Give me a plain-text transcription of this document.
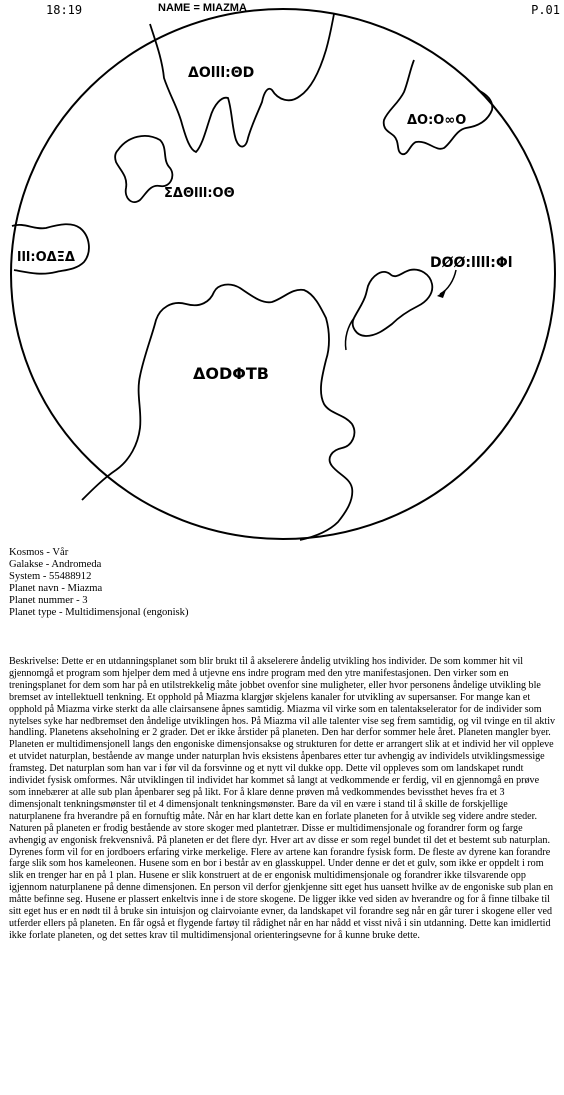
18:19	NAME = MIAZMA	P.01
ΔΟlll:ΘD
ΔΟ:Ο∞Ο
ΣΔΘlll:ΟΘ
lll:ΟΔΞΔ	DØØ:llll:Φl
ΔΟDΦΤB
Kosmos - Vår
Galakse - Andromeda
System - 55488912
Planet navn - Miazma
Planet nummer - 3
Planet type - Multidimensjonal (engonisk)
Beskrivelse: Dette er en utdanningsplanet som blir brukt til å akselerere åndelig utvikling hos individer. De som kommer hit vil gjennomgå et program som hjelper dem med å utjevne ens indre program med den ytre manifestasjonen. Den virker som en treningsplanet for dem som har på en utilstrekkelig måte jobbet ovenfor sine muligheter, eller hvor personens åndelige utvikling ble bremset av intellektuell tenkning. Et opphold på Miazma klargjør skjelens kanaler for utvikling av supersanser. For mange kan et opphold på Miazma virke sterkt da alle clairsansene åpnes samtidig. Miazma vil virke som en talentakselerator for de individer som nytelses syke har nedbremset den åndelige utviklingen hos. På Miazma vil alle talenter vise seg frem samtidig, og vil tvinge en til aktiv handling. Planetens akseholning er 2 grader. Det er ikke årstider på planeten. Den har derfor sommer hele året. Planeten mangler byer. Planeten er multidimensjonell langs den engoniske dimensjonsakse og strukturen for dette er arrangert slik at et individ her vil oppleve et utvidet naturplan, bestående av mange under naturplan hvis eksistens åpenbares etter tur avhengig av individels utviklingsmessige framsteg. Det naturplan som han var i før vil da forsvinne og et nytt vil dukke opp. Dette vil oppleves som om landskapet rundt individet fysisk omformes. Når utviklingen til individet har kommet så langt at vedkommende er ferdig, vil en gjennomgå en prøve som innebærer at alle sub plan åpenbarer seg på likt. For å klare denne prøven må vedkommendes bevissthet heves fra et 3 dimensjonalt tenkningsmønster til et 4 dimensjonalt tenkningsmønster. Bare da vil en være i stand til å skille de forskjellige naturplanene fra hverandre på en fornuftig måte. Når en har klart dette kan en forlate planeten for å utvikle seg videre andre steder. Naturen på planeten er frodig bestående av store skoger med plantetrær. Disse er multidimensjonale og forandrer form og farge avhengig av engonisk frekvensnivå. På planeten er det flere dyr. Hver art av disse er som regel bundet til det et bestemt sub naturplan. Dyrenes form vil for en jordboers erfaring virke merkelige. Flere av artene kan forandre fysisk form. De fleste av dyrene kan forandre farge slik som hos kameleonen. Husene som en bor i består av en glasskuppel. Under denne er det et gulv, som ikke er oppdelt i rom slik en trenger har en på 1 plan. Husene er slik konstruert at de er engonisk multidimensjonale og forandrer ikke tilsvarende opp igjennom naturplanene på denne dimensjonen. En person vil derfor gjenkjenne sitt eget hus uansett hvilke av de engoniske sub plan en måtte befinne seg. Husene er plassert enkeltvis inne i de store skogene. De ligger ikke ved siden av hverandre og for å finne tilbake til sitt eget hus er en nødt til å bruke sin intuisjon og clairvoiante evner, da landskapet vil forandre seg når en går turer i skogene eller ved utferder ellers på planeten. En får også et flygende fartøy til rådighet når en har nådd et visst nivå i sin utdanning. Dette kan imidlertid ikke forlate planeten, og det settes krav til multidimensjonal orienteringsevne for å kunne bruke dette.
